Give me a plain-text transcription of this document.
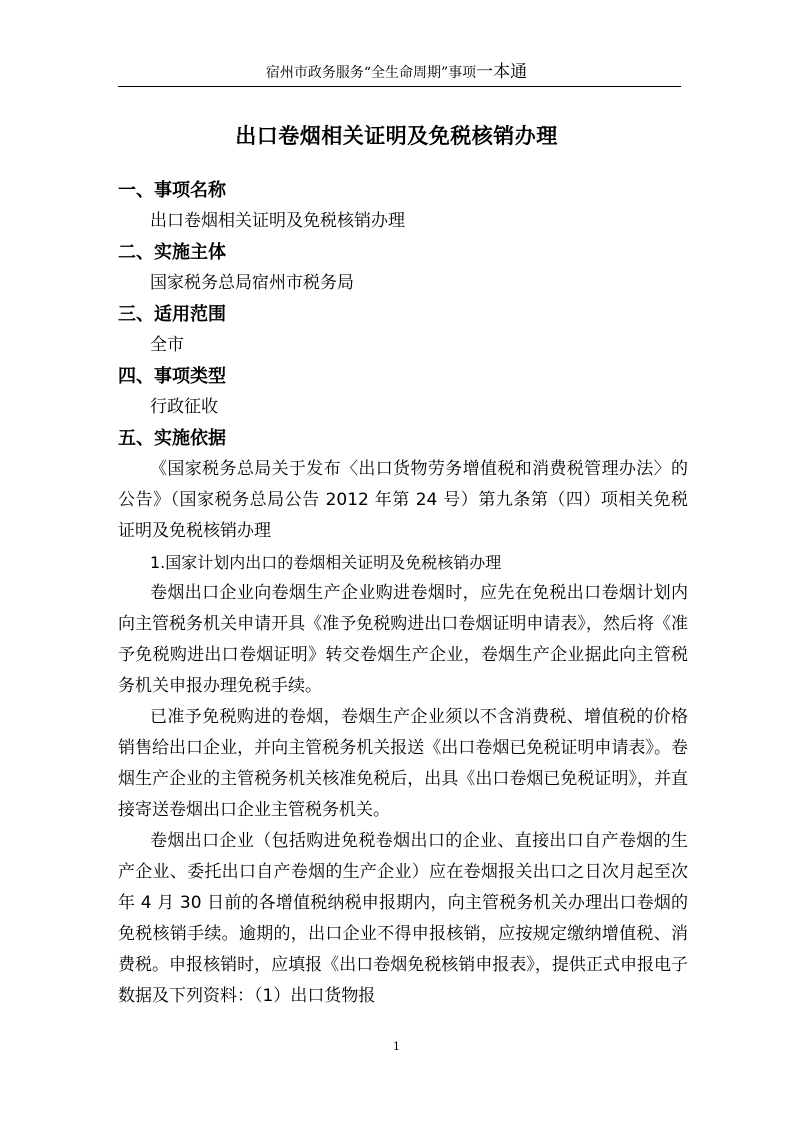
宿州市政务服务“全生命周期”事项一本通
出口卷烟相关证明及免税核销办理
一、事项名称
出口卷烟相关证明及免税核销办理
二、实施主体
国家税务总局宿州市税务局
三、适用范围
全市
四、事项类型
行政征收
五、实施依据
《国家税务总局关于发布〈出口货物劳务增值税和消费税管理办法〉的公告》（国家税务总局公告 2012 年第 24 号）第九条第（四）项相关免税证明及免税核销办理
1.国家计划内出口的卷烟相关证明及免税核销办理
卷烟出口企业向卷烟生产企业购进卷烟时，应先在免税出口卷烟计划内向主管税务机关申请开具《准予免税购进出口卷烟证明申请表》，然后将《准予免税购进出口卷烟证明》转交卷烟生产企业，卷烟生产企业据此向主管税务机关申报办理免税手续。
已准予免税购进的卷烟，卷烟生产企业须以不含消费税、增值税的价格销售给出口企业，并向主管税务机关报送《出口卷烟已免税证明申请表》。卷烟生产企业的主管税务机关核准免税后，出具《出口卷烟已免税证明》，并直接寄送卷烟出口企业主管税务机关。
卷烟出口企业（包括购进免税卷烟出口的企业、直接出口自产卷烟的生产企业、委托出口自产卷烟的生产企业）应在卷烟报关出口之日次月起至次年 4 月 30 日前的各增值税纳税申报期内，向主管税务机关办理出口卷烟的免税核销手续。逾期的，出口企业不得申报核销，应按规定缴纳增值税、消费税。申报核销时，应填报《出口卷烟免税核销申报表》，提供正式申报电子数据及下列资料：（1）出口货物报
1
